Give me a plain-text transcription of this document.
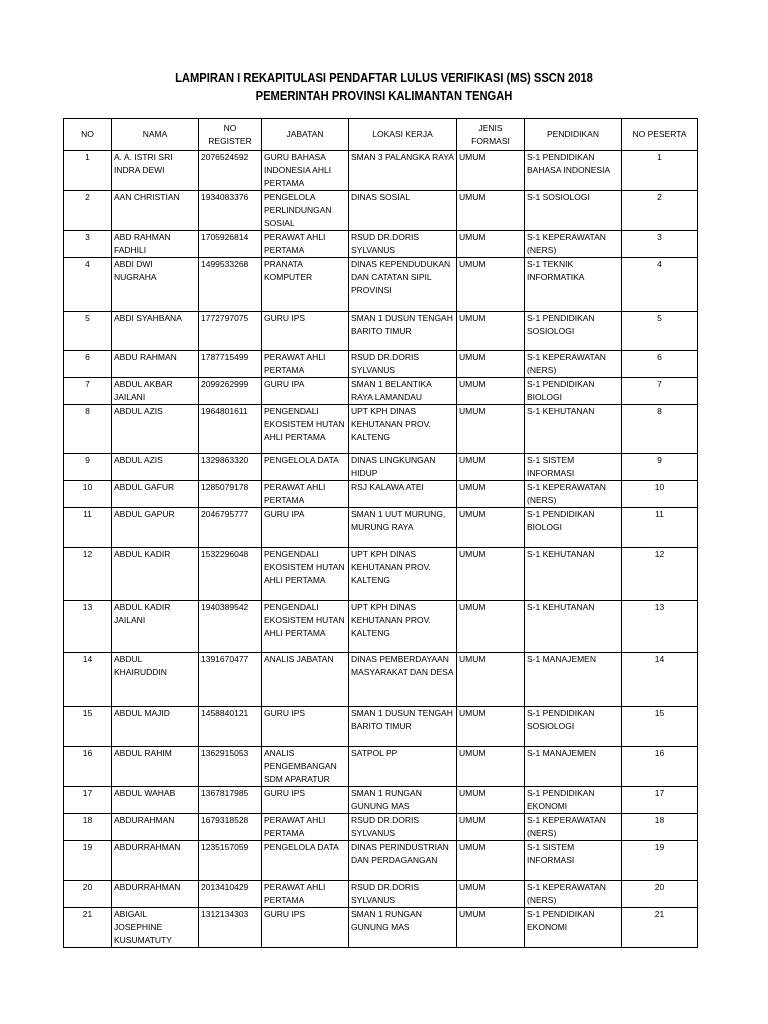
LAMPIRAN I REKAPITULASI PENDAFTAR LULUS VERIFIKASI (MS) SSCN 2018
PEMERINTAH PROVINSI KALIMANTAN TENGAH
NO	NAMA	NO REGISTER	JABATAN	LOKASI KERJA	JENIS FORMASI	PENDIDIKAN	NO PESERTA
1	A. A. ISTRI SRI INDRA DEWI	2076524592	GURU BAHASA INDONESIA AHLI PERTAMA	SMAN 3 PALANGKA RAYA	UMUM	S-1 PENDIDIKAN BAHASA INDONESIA	1
2	AAN CHRISTIAN	1934083376	PENGELOLA PERLINDUNGAN SOSIAL	DINAS SOSIAL	UMUM	S-1 SOSIOLOGI	2
3	ABD RAHMAN FADHILI	1705926814	PERAWAT AHLI PERTAMA	RSUD DR.DORIS SYLVANUS	UMUM	S-1 KEPERAWATAN (NERS)	3
4	ABDI DWI NUGRAHA	1499533268	PRANATA KOMPUTER	DINAS KEPENDUDUKAN DAN CATATAN SIPIL PROVINSI	UMUM	S-1 TEKNIK INFORMATIKA	4
5	ABDI SYAHBANA	1772797075	GURU IPS	SMAN 1 DUSUN TENGAH BARITO TIMUR	UMUM	S-1 PENDIDIKAN SOSIOLOGI	5
6	ABDU RAHMAN	1787715499	PERAWAT AHLI PERTAMA	RSUD DR.DORIS SYLVANUS	UMUM	S-1 KEPERAWATAN (NERS)	6
7	ABDUL AKBAR JAILANI	2099262999	GURU IPA	SMAN 1 BELANTIKA RAYA LAMANDAU	UMUM	S-1 PENDIDIKAN BIOLOGI	7
8	ABDUL AZIS	1964801611	PENGENDALI EKOSISTEM HUTAN AHLI PERTAMA	UPT KPH DINAS KEHUTANAN PROV. KALTENG	UMUM	S-1 KEHUTANAN	8
9	ABDUL AZIS	1329863320	PENGELOLA DATA	DINAS LINGKUNGAN HIDUP	UMUM	S-1 SISTEM INFORMASI	9
10	ABDUL GAFUR	1285079178	PERAWAT AHLI PERTAMA	RSJ KALAWA ATEI	UMUM	S-1 KEPERAWATAN (NERS)	10
11	ABDUL GAPUR	2046795777	GURU IPA	SMAN 1 UUT MURUNG, MURUNG RAYA	UMUM	S-1 PENDIDIKAN BIOLOGI	11
12	ABDUL KADIR	1532296048	PENGENDALI EKOSISTEM HUTAN AHLI PERTAMA	UPT KPH DINAS KEHUTANAN PROV. KALTENG	UMUM	S-1 KEHUTANAN	12
13	ABDUL KADIR JAILANI	1940389542	PENGENDALI EKOSISTEM HUTAN AHLI PERTAMA	UPT KPH DINAS KEHUTANAN PROV. KALTENG	UMUM	S-1 KEHUTANAN	13
14	ABDUL KHAIRUDDIN	1391670477	ANALIS JABATAN	DINAS PEMBERDAYAAN MASYARAKAT DAN DESA	UMUM	S-1 MANAJEMEN	14
15	ABDUL MAJID	1458840121	GURU IPS	SMAN 1 DUSUN TENGAH BARITO TIMUR	UMUM	S-1 PENDIDIKAN SOSIOLOGI	15
16	ABDUL RAHIM	1362915053	ANALIS PENGEMBANGAN SDM APARATUR	SATPOL PP	UMUM	S-1 MANAJEMEN	16
17	ABDUL WAHAB	1367817985	GURU IPS	SMAN 1 RUNGAN GUNUNG MAS	UMUM	S-1 PENDIDIKAN EKONOMI	17
18	ABDURAHMAN	1679318528	PERAWAT AHLI PERTAMA	RSUD DR.DORIS SYLVANUS	UMUM	S-1 KEPERAWATAN (NERS)	18
19	ABDURRAHMAN	1235157059	PENGELOLA DATA	DINAS PERINDUSTRIAN DAN PERDAGANGAN	UMUM	S-1 SISTEM INFORMASI	19
20	ABDURRAHMAN	2013410429	PERAWAT AHLI PERTAMA	RSUD DR.DORIS SYLVANUS	UMUM	S-1 KEPERAWATAN (NERS)	20
21	ABIGAIL JOSEPHINE KUSUMATUTY	1312134303	GURU IPS	SMAN 1 RUNGAN GUNUNG MAS	UMUM	S-1 PENDIDIKAN EKONOMI	21
